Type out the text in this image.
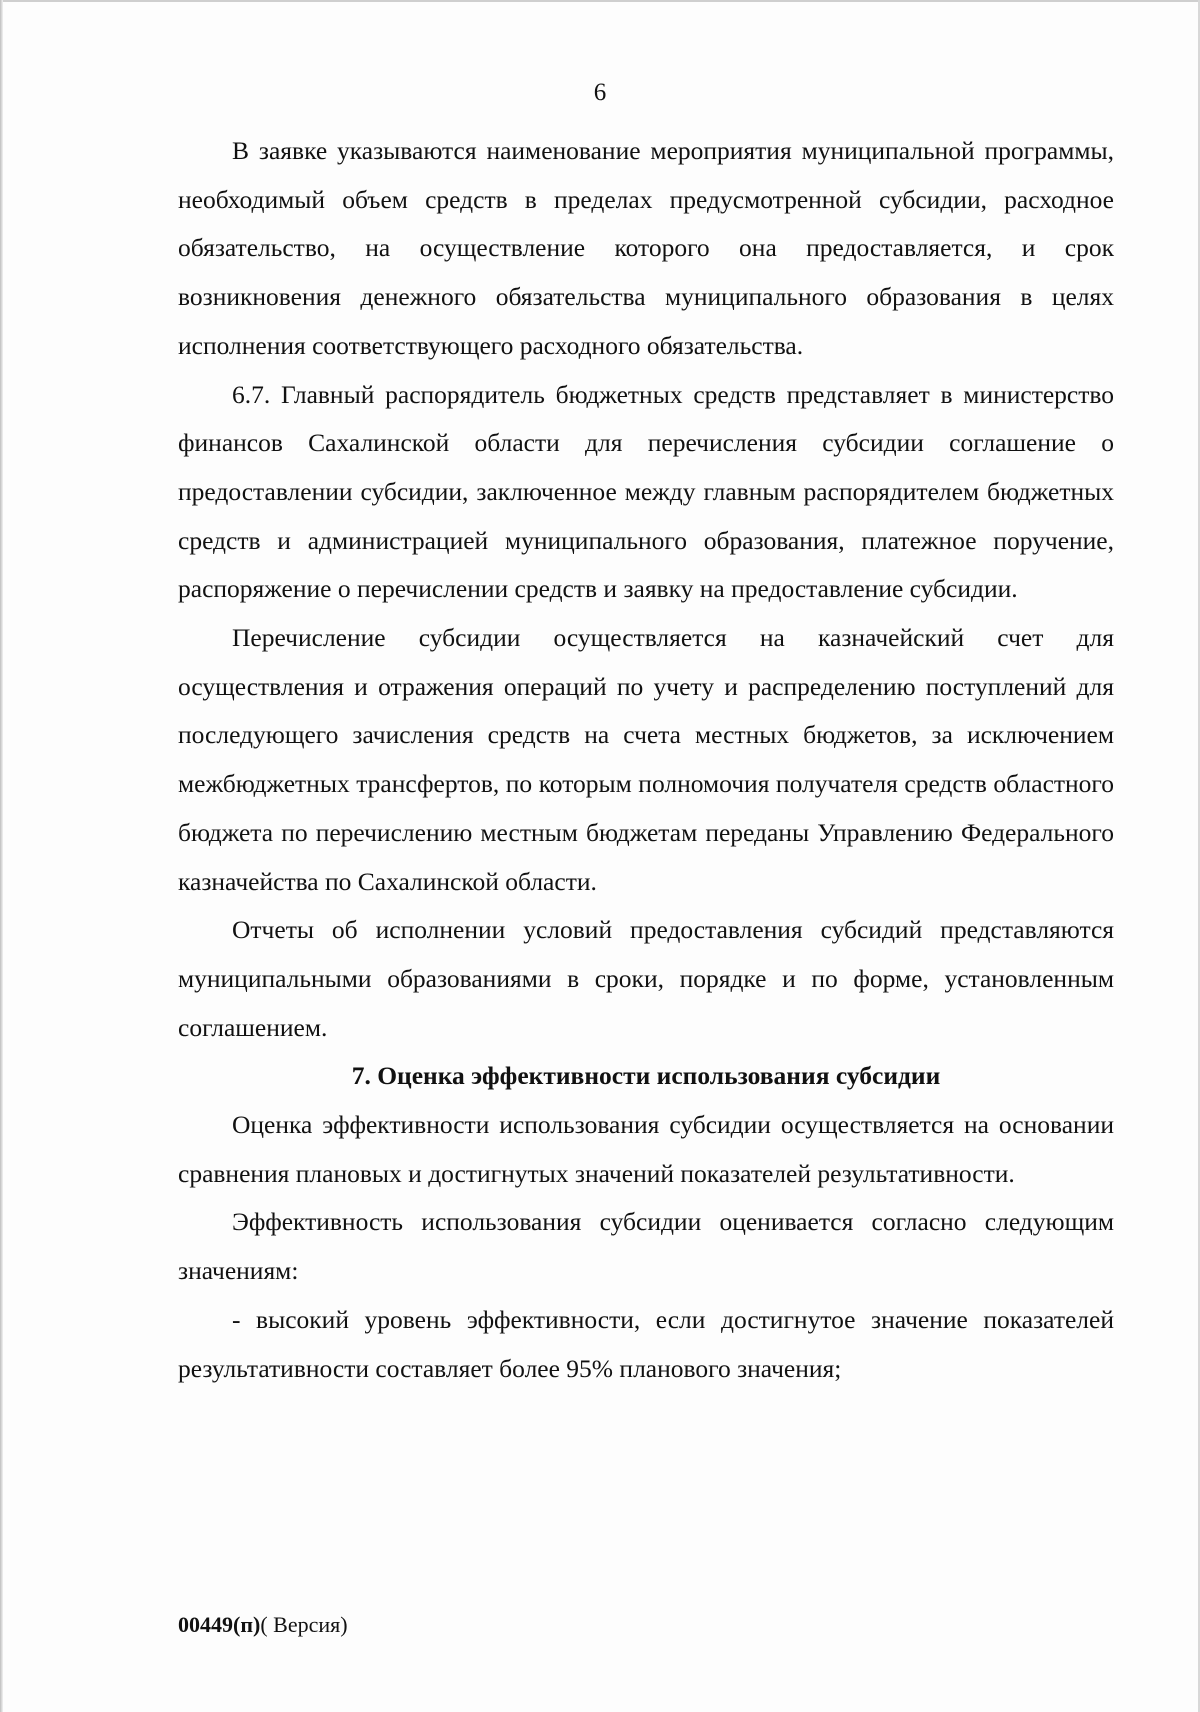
6

В заявке указываются наименование мероприятия муниципальной программы, необходимый объем средств в пределах предусмотренной субсидии, расходное обязательство, на осуществление которого она предоставляется, и срок возникновения денежного обязательства муниципального образования в целях исполнения соответствующего расходного обязательства.

6.7. Главный распорядитель бюджетных средств представляет в министерство финансов Сахалинской области для перечисления субсидии соглашение о предоставлении субсидии, заключенное между главным распорядителем бюджетных средств и администрацией муниципального образования, платежное поручение, распоряжение о перечислении средств и заявку на предоставление субсидии.

Перечисление субсидии осуществляется на казначейский счет для осуществления и отражения операций по учету и распределению поступлений для последующего зачисления средств на счета местных бюджетов, за исключением межбюджетных трансфертов, по которым полномочия получателя средств областного бюджета по перечислению местным бюджетам переданы Управлению Федерального казначейства по Сахалинской области.

Отчеты об исполнении условий предоставления субсидий представляются муниципальными образованиями в сроки, порядке и по форме, установленным соглашением.

7. Оценка эффективности использования субсидии

Оценка эффективности использования субсидии осуществляется на основании сравнения плановых и достигнутых значений показателей результативности.

Эффективность использования субсидии оценивается согласно следующим значениям:

- высокий уровень эффективности, если достигнутое значение показателей результативности составляет более 95% планового значения;

00449(п)( Версия)
